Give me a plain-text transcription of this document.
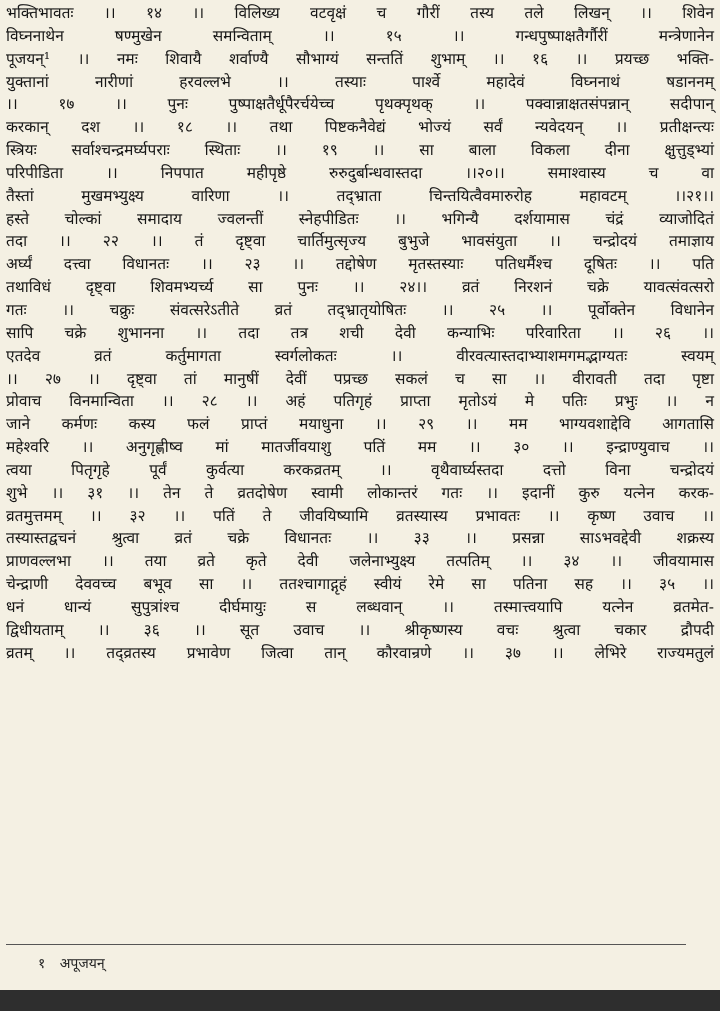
भक्तिभावतः ।। १४ ।। विलिख्य वटवृक्षं च गौरीं तस्य तले लिखन् ।। शिवेन
विघ्ननाथेन षण्मुखेन समन्विताम् ।। १५ ।। गन्धपुष्पाक्षतैर्गौरीं मन्त्रेणानेन
पूजयन्¹ ।। नमः शिवायै शर्वाण्यै सौभाग्यं सन्ततिं शुभाम् ।। १६ ।। प्रयच्छ भक्ति-
युक्तानां नारीणां हरवल्लभे ।। तस्याः पार्श्वे महादेवं विघ्ननाथं षडाननम्
।। १७ ।। पुनः पुष्पाक्षतैर्धूपैरर्चयेच्च पृथक्पृथक् ।। पक्वान्नाक्षतसंपन्नान् सदीपान्
करकान् दश ।। १८ ।। तथा पिष्टकनैवेद्यं भोज्यं सर्वं न्यवेदयन् ।। प्रतीक्षन्त्यः
स्त्रियः सर्वाश्चन्द्रमर्घ्यपराः स्थिताः ।। १९ ।। सा बाला विकला दीना क्षुत्तुड्भ्यां
परिपीडिता ।। निपपात महीपृष्ठे रुरुदुर्बान्धवास्तदा ।।२०।। समाश्वास्य च वा
तैस्तां मुखमभ्युक्ष्य वारिणा ।। तद्भ्राता चिन्तयित्वैवमारुरोह महावटम् ।।२१।।
हस्ते चोल्कां समादाय ज्वलन्तीं स्नेहपीडितः ।। भगिन्यै दर्शयामास चंद्रं व्याजोदितं
तदा ।। २२ ।। तं दृष्ट्वा चार्तिमुत्सृज्य बुभुजे भावसंयुता ।। चन्द्रोदयं तमाज्ञाय
अर्घ्यं दत्त्वा विधानतः ।। २३ ।। तद्दोषेण मृतस्तस्याः पतिधर्मैश्च दूषितः ।। पति
तथाविधं दृष्ट्वा शिवमभ्यर्च्य सा पुनः ।। २४।। व्रतं निरशनं चक्रे यावत्संवत्सरो
गतः ।। चक्रुः संवत्सरेऽतीते व्रतं तद्भ्रातृयोषितः ।। २५ ।। पूर्वोक्तेन विधानेन
सापि चक्रे शुभानना ।। तदा तत्र शची देवी कन्याभिः परिवारिता ।। २६ ।।
एतदेव व्रतं कर्तुमागता स्वर्गलोकतः ।। वीरवत्यास्तदाभ्याशमगमद्भाग्यतः स्वयम्
।। २७ ।। दृष्ट्वा तां मानुषीं देवीं पप्रच्छ सकलं च सा ।। वीरावती तदा पृष्टा
प्रोवाच विनमान्विता ।। २८ ।। अहं पतिगृहं प्राप्ता मृतोऽयं मे पतिः प्रभुः ।। न
जाने कर्मणः कस्य फलं प्राप्तं मयाधुना ।। २९ ।। मम भाग्यवशाद्देवि आगतासि
महेश्वरि ।। अनुगृह्णीष्व मां मातर्जीवयाशु पतिं मम ।। ३० ।। इन्द्राण्युवाच ।।
त्वया पितृगृहे पूर्वं कुर्वत्या करकव्रतम् ।। वृथैवार्घ्यस्तदा दत्तो विना चन्द्रोदयं
शुभे ।। ३१ ।। तेन ते व्रतदोषेण स्वामी लोकान्तरं गतः ।। इदानीं कुरु यत्नेन करक-
व्रतमुत्तमम् ।। ३२ ।। पतिं ते जीवयिष्यामि व्रतस्यास्य प्रभावतः ।। कृष्ण उवाच ।।
तस्यास्तद्वचनं श्रुत्वा व्रतं चक्रे विधानतः ।। ३३ ।। प्रसन्ना साऽभवद्देवी शक्रस्य
प्राणवल्लभा ।। तया व्रते कृते देवी जलेनाभ्युक्ष्य तत्पतिम् ।। ३४ ।। जीवयामास
चेन्द्राणी देववच्च बभूव सा ।। ततश्चागाद्गृहं स्वीयं रेमे सा पतिना सह ।। ३५ ।।
धनं धान्यं सुपुत्रांश्च दीर्घमायुः स लब्धवान् ।। तस्मात्त्वयापि यत्नेन व्रतमेत-
द्विधीयताम् ।। ३६ ।। सूत उवाच ।। श्रीकृष्णस्य वचः श्रुत्वा चकार द्रौपदी
व्रतम् ।। तद्व्रतस्य प्रभावेण जित्वा तान् कौरवान्रणे ।। ३७ ।। लेभिरे राज्यमतुलं
१ अपूजयन्
